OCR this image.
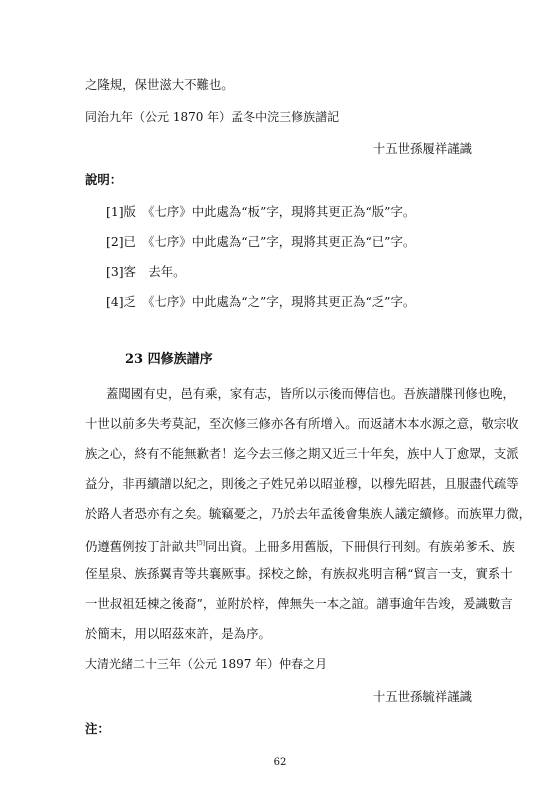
之隆規，保世滋大不難也。
同治九年（公元 1870 年）孟冬中浣三修族譜記
十五世孫履祥謹識
說明：
[1]版　《七序》中此處為“板”字，現將其更正為“版”字。
[2]已　《七序》中此處為“己”字，現將其更正為“已”字。
[3]客　去年。
[4]乏　《七序》中此處為“之”字，現將其更正為“乏”字。
23 四修族譜序
蓋聞國有史，邑有乘，家有志，皆所以示後而傳信也。吾族譜牒刊修也晚，
十世以前多失考莫記，至次修三修亦各有所增入。而返諸木本水源之意，敬宗收
族之心，終有不能無歉者！迄今去三修之期又近三十年矣，族中人丁愈眾，支派
益分，非再續譜以紀之，則後之子姓兄弟以昭並穆，以穆先昭甚，且服盡代疏等
於路人者恐亦有之矣。毓竊憂之，乃於去年孟後會集族人議定續修。而族單力微，
仍遵舊例按丁計畝共[5]同出資。上冊多用舊版，下冊倶行刊刻。有族弟爹禾、族
侄星泉、族孫翼青等共襄厥事。採校之餘，有族叔兆明言稱“貿言一支，實系十
一世叔祖廷棟之後裔”，並附於梓，俾無失一本之誼。譜事逾年告竣，爰識數言
於簡末，用以昭茲來許，是為序。
大清光緒二十三年（公元 1897 年）仲春之月
十五世孫毓祥謹識
注：
62
